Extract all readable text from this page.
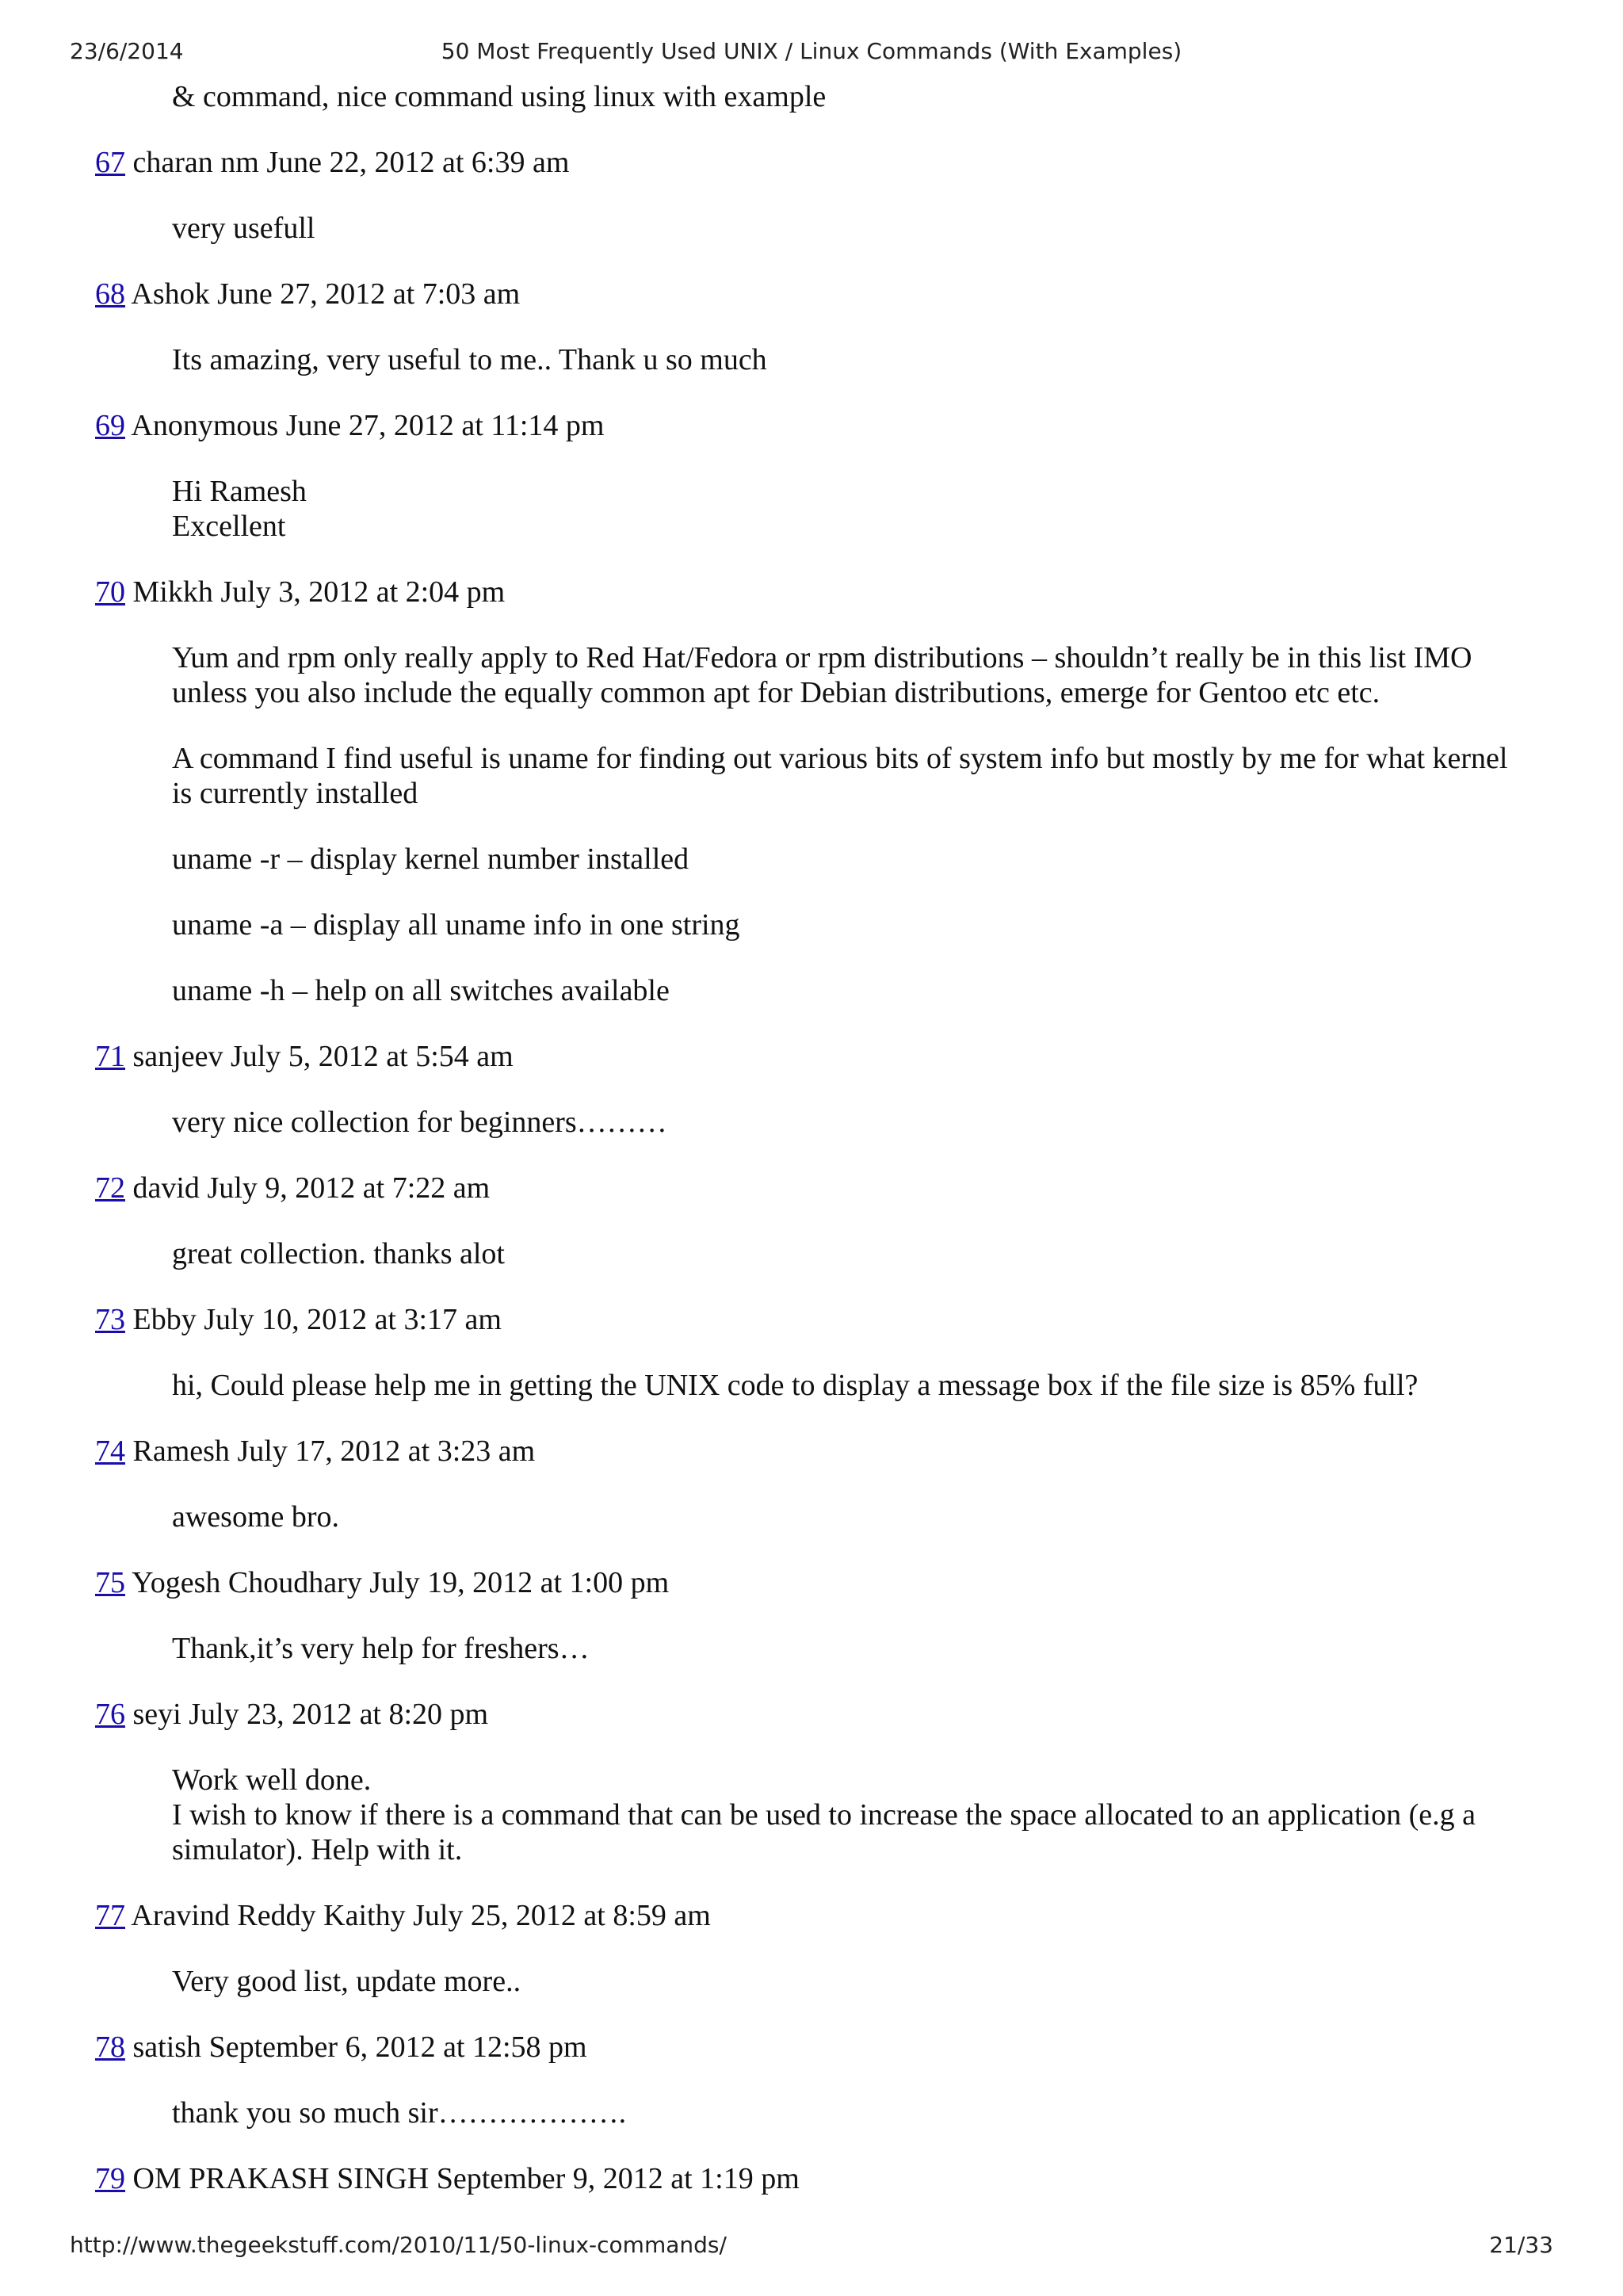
23/6/2014	50 Most Frequently Used UNIX / Linux Commands (With Examples)

& command, nice command using linux with example

67 charan nm June 22, 2012 at 6:39 am

very usefull

68 Ashok June 27, 2012 at 7:03 am

Its amazing, very useful to me.. Thank u so much

69 Anonymous June 27, 2012 at 11:14 pm

Hi Ramesh
Excellent

70 Mikkh July 3, 2012 at 2:04 pm

Yum and rpm only really apply to Red Hat/Fedora or rpm distributions – shouldn’t really be in this list IMO unless you also include the equally common apt for Debian distributions, emerge for Gentoo etc etc.

A command I find useful is uname for finding out various bits of system info but mostly by me for what kernel is currently installed

uname -r – display kernel number installed

uname -a – display all uname info in one string

uname -h – help on all switches available

71 sanjeev July 5, 2012 at 5:54 am

very nice collection for beginners………

72 david July 9, 2012 at 7:22 am

great collection. thanks alot

73 Ebby July 10, 2012 at 3:17 am

hi, Could please help me in getting the UNIX code to display a message box if the file size is 85% full?

74 Ramesh July 17, 2012 at 3:23 am

awesome bro.

75 Yogesh Choudhary July 19, 2012 at 1:00 pm

Thank,it’s very help for freshers…

76 seyi July 23, 2012 at 8:20 pm

Work well done.
I wish to know if there is a command that can be used to increase the space allocated to an application (e.g a simulator). Help with it.

77 Aravind Reddy Kaithy July 25, 2012 at 8:59 am

Very good list, update more..

78 satish September 6, 2012 at 12:58 pm

thank you so much sir……………….

79 OM PRAKASH SINGH September 9, 2012 at 1:19 pm

http://www.thegeekstuff.com/2010/11/50-linux-commands/	21/33
